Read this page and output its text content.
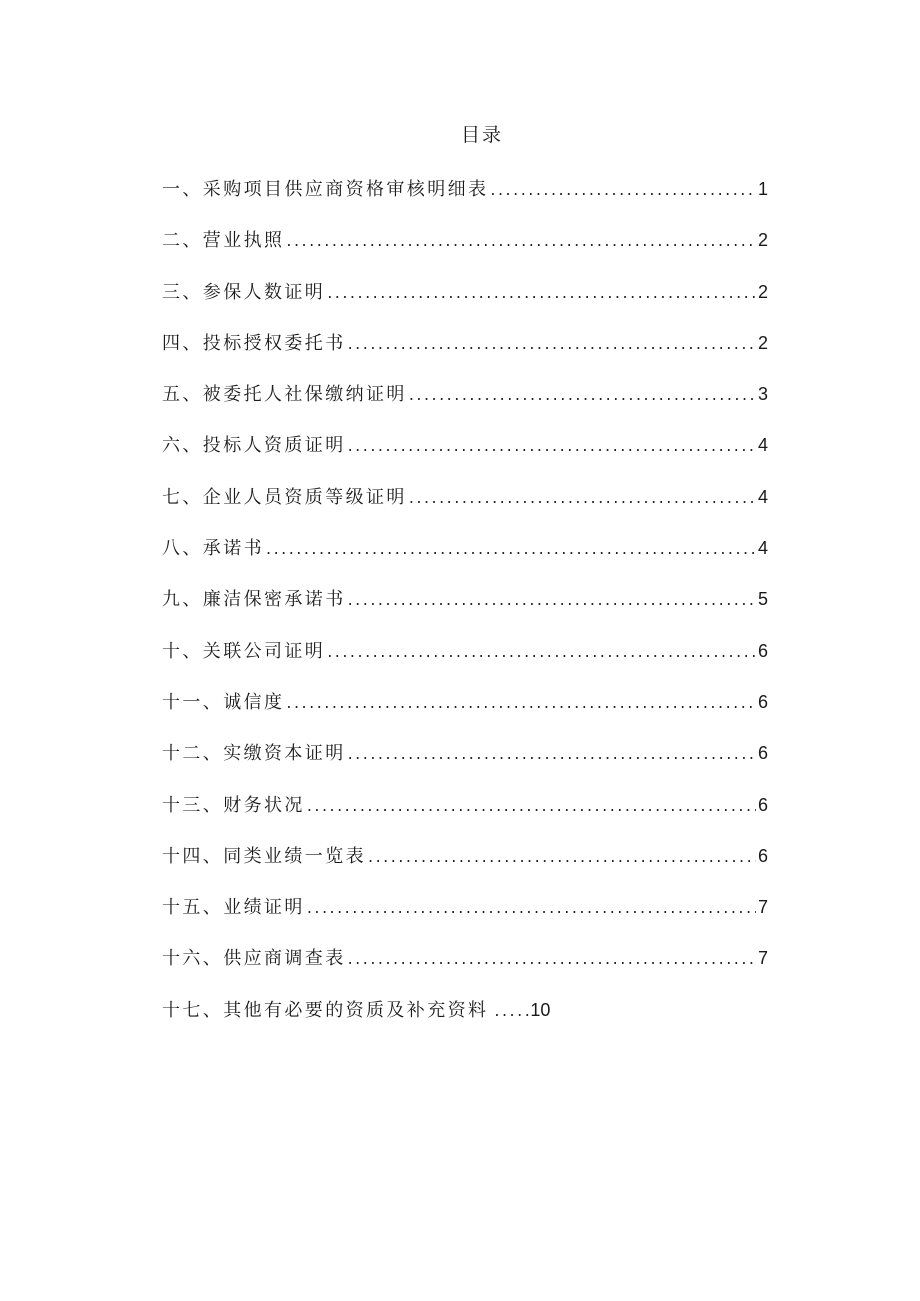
目录
一、采购项目供应商资格审核明细表 . . .	1
二、营业执照 . . .	2
三、参保人数证明 . . .	2
四、投标授权委托书 . . .	2
五、被委托人社保缴纳证明 . . .	3
六、投标人资质证明 . . .	4
七、企业人员资质等级证明 . . .	4
八、承诺书 . . .	4
九、廉洁保密承诺书 . . .	5
十、关联公司证明 . . .	6
十一、诚信度 . . .	6
十二、实缴资本证明 . . .	6
十三、财务状况 . . .	6
十四、同类业绩一览表 . . .	6
十五、业绩证明 . . .	7
十六、供应商调查表 . . .	7
十七、其他有必要的资质及补充资料 . . . 10
